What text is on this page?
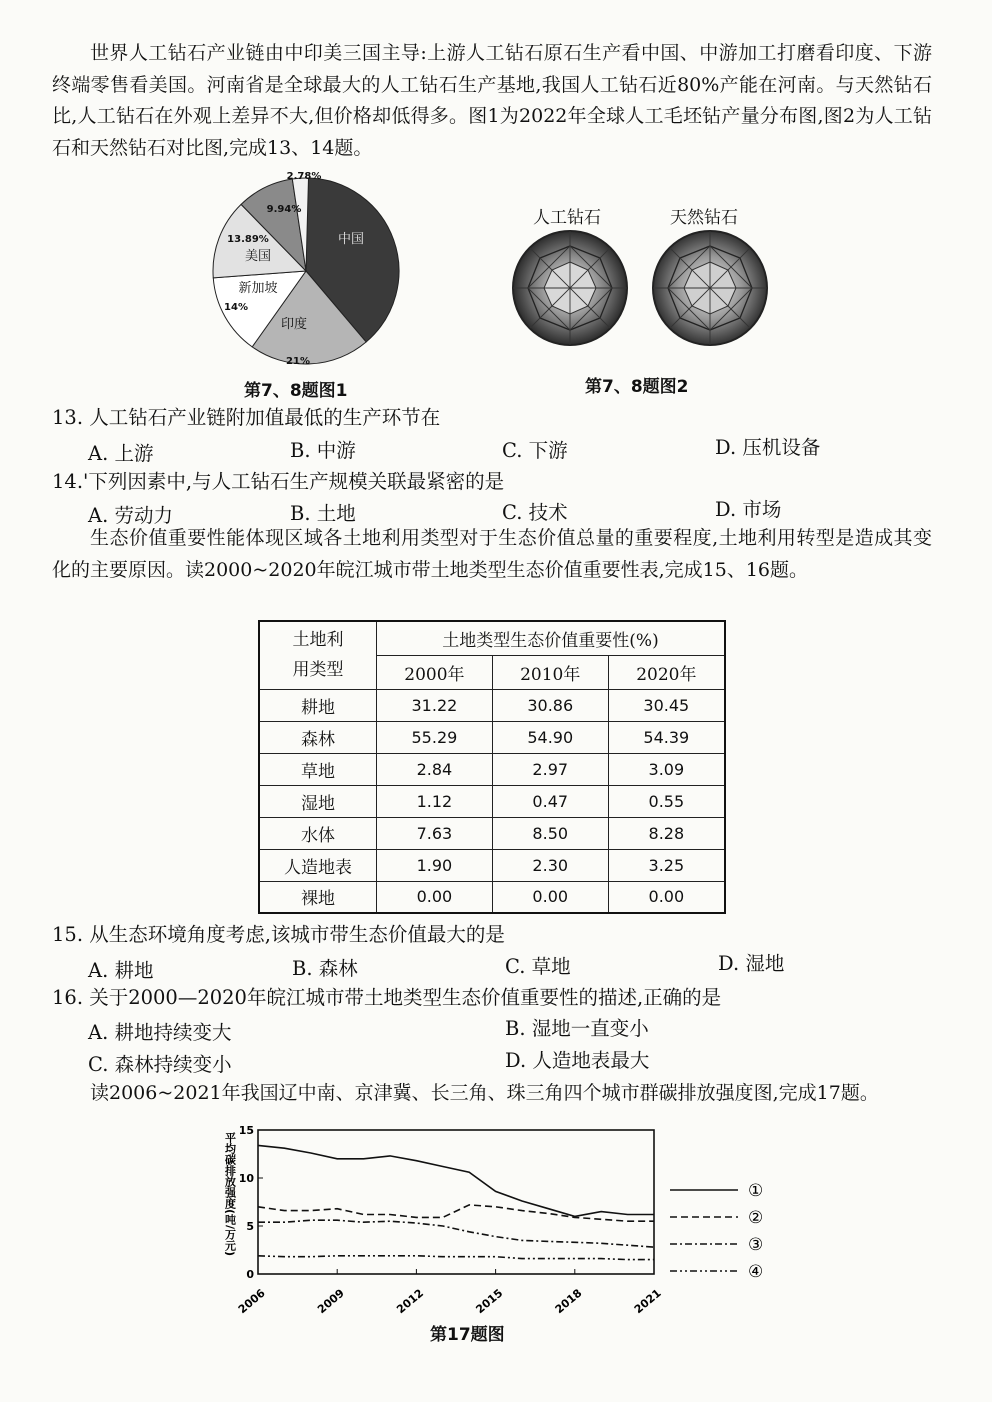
世界人工钻石产业链由中印美三国主导:上游人工钻石原石生产看中国、中游加工打磨看印度、下游终端零售看美国。河南省是全球最大的人工钻石生产基地,我国人工钻石近80%产能在河南。与天然钻石比,人工钻石在外观上差异不大,但价格却低得多。图1为2022年全球人工毛坯钻产量分布图,图2为人工钻石和天然钻石对比图,完成13、14题。

中国
印度
21%
新加坡
14%
美国
13.89%
9.94%
2.78%
第7、8题图1
人工钻石	天然钻石
第7、8题图2

13. 人工钻石产业链附加值最低的生产环节在

A. 上游	B. 中游	C. 下游	D. 压机设备

14.'下列因素中,与人工钻石生产规模关联最紧密的是

A. 劳动力	B. 土地	C. 技术	D. 市场

生态价值重要性能体现区域各土地利用类型对于生态价值总量的重要程度,土地利用转型是造成其变化的主要原因。读2000~2020年皖江城市带土地类型生态价值重要性表,完成15、16题。

土地利
用类型	土地类型生态价值重要性(%)		
	2000年	2010年	2020年
耕地	31.22	30.86	30.45
森林	55.29	54.90	54.39
草地	2.84	2.97	3.09
湿地	1.12	0.47	0.55
水体	7.63	8.50	8.28
人造地表	1.90	2.30	3.25
裸地	0.00	0.00	0.00

15. 从生态环境角度考虑,该城市带生态价值最大的是

A. 耕地	B. 森林	C. 草地	D. 湿地

16. 关于2000—2020年皖江城市带土地类型生态价值重要性的描述,正确的是

A. 耕地持续变大	B. 湿地一直变小
C. 森林持续变小	D. 人造地表最大

读2006~2021年我国辽中南、京津冀、长三角、珠三角四个城市群碳排放强度图,完成17题。

平均碳排放强度(吨/万元)
0
5
10
15
2006	2009	2012	2015	2018	2021
①
②
③
④
第17题图
